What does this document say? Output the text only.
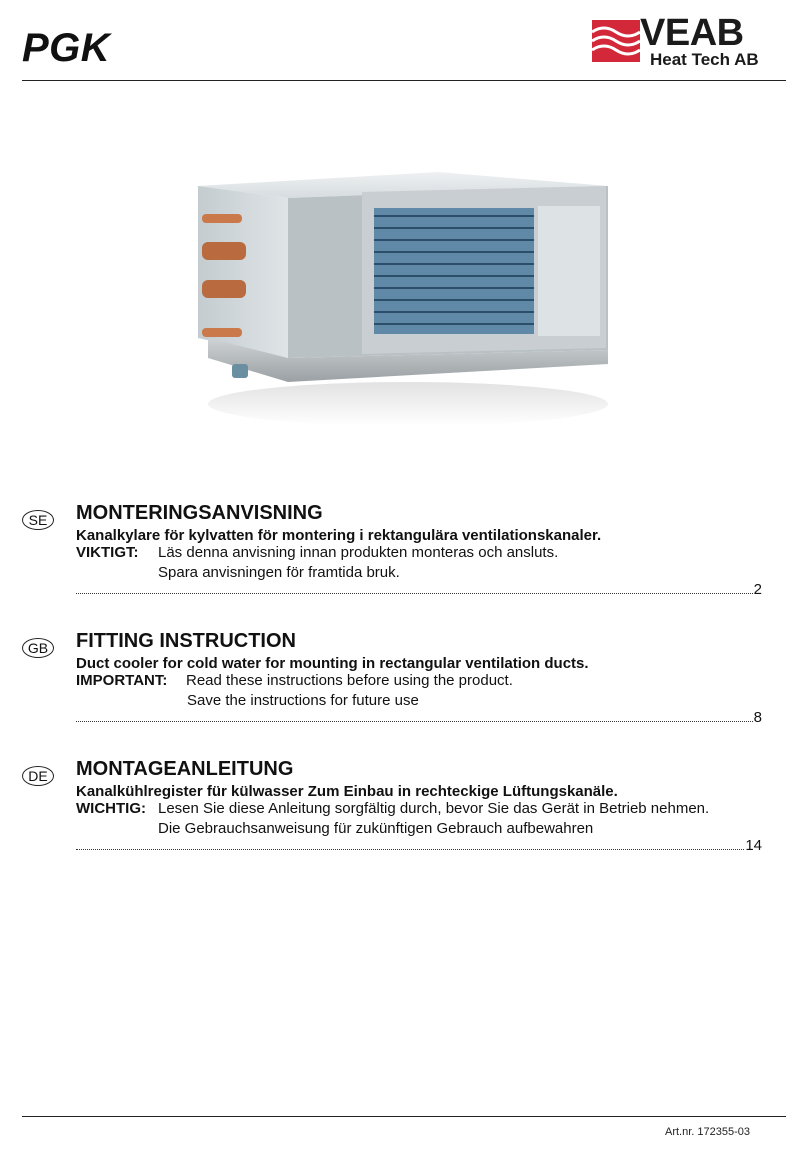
PGK	VEAB
Heat Tech AB
SE	MONTERINGSANVISNING
Kanalkylare för kylvatten för montering i rektangulära ventilationskanaler.
VIKTIGT: Läs denna anvisning innan produkten monteras och ansluts.
Spara anvisningen för framtida bruk.
2
GB FITTING INSTRUCTION
Duct cooler for cold water for mounting in rectangular ventilation ducts.
IMPORTANT: Read these instructions before using the product.
Save the instructions for future use
8
DE	MONTAGEANLEITUNG
Kanalkühlregister für külwasser Zum Einbau in rechteckige Lüftungskanäle.
WICHTIG: Lesen Sie diese Anleitung sorgfältig durch, bevor Sie das Gerät in Betrieb nehmen.
Die Gebrauchsanweisung für zukünftigen Gebrauch aufbewahren
14
Art.nr. 172355-03
